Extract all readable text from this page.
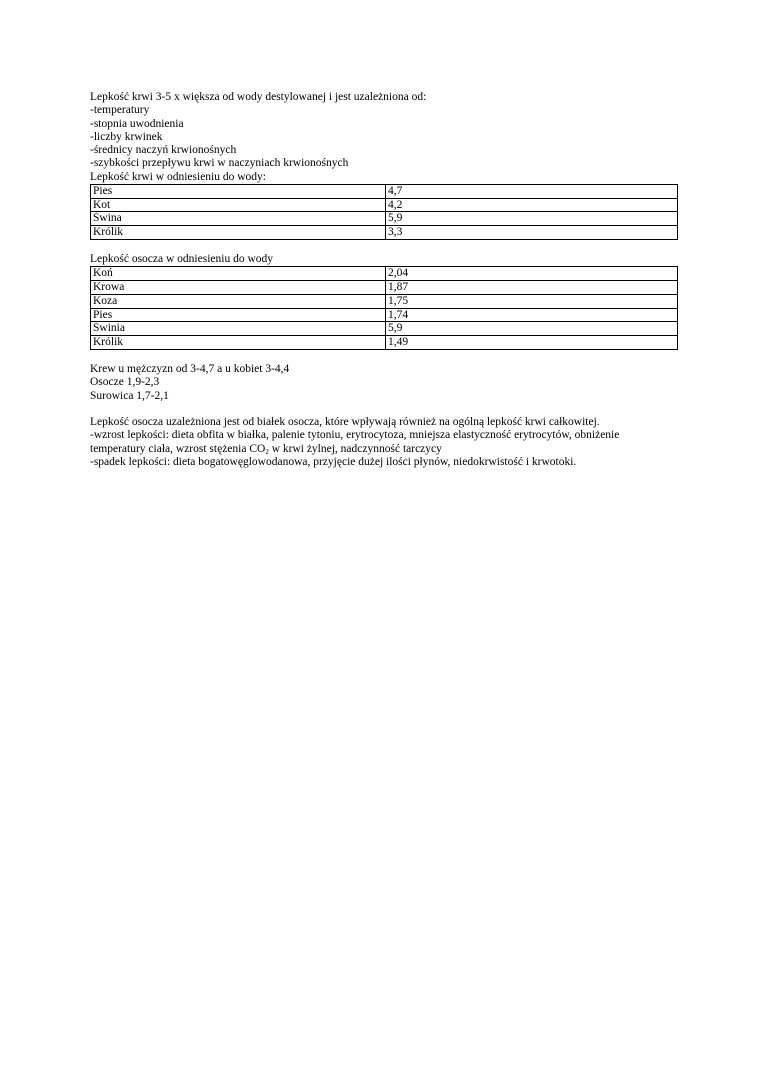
Lepkość krwi 3-5 x większa od wody destylowanej i jest uzależniona od:
-temperatury
-stopnia uwodnienia
-liczby krwinek
-średnicy naczyń krwionośnych
-szybkości przepływu krwi w naczyniach krwionośnych
Lepkość krwi w odniesieniu do wody:
Pies	4,7
Kot	4,2
Świna	5,9
Królik	3,3
Lepkość osocza w odniesieniu do wody
Koń	2,04
Krowa	1,87
Koza	1,75
Pies	1,74
Świnia	5,9
Królik	1,49
Krew u mężczyzn od 3-4,7 a u kobiet 3-4,4
Osocze 1,9-2,3
Surowica 1,7-2,1
Lepkość osocza uzależniona jest od białek osocza, które wpływają również na ogólną lepkość krwi całkowitej.
-wzrost lepkości: dieta obfita w białka, palenie tytoniu, erytrocytoza, mniejsza elastyczność erytrocytów, obniżenie
temperatury ciała, wzrost stężenia $CO_2$ w krwi żylnej, nadczynność tarczycy
-spadek lepkości: dieta bogatowęglowodanowa, przyjęcie dużej ilości płynów, niedokrwistość i krwotoki.
